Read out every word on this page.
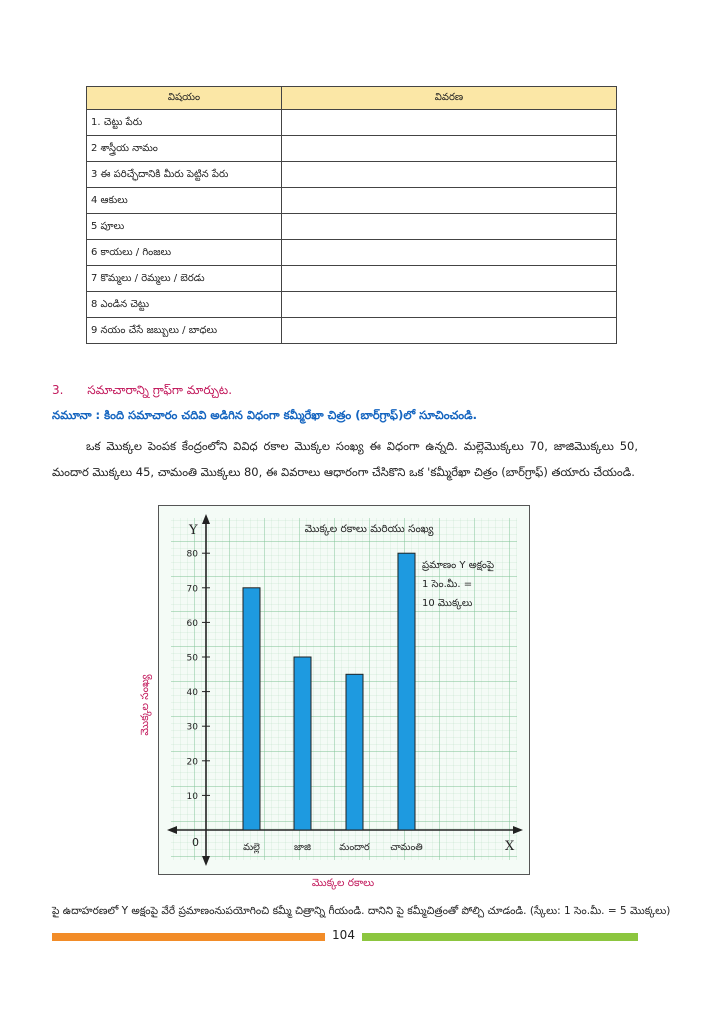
విషయం	వివరణ
1. చెట్టు పేరు	
2 శాస్త్రీయ నామం	
3 ఈ పరిచ్ఛేదానికి మీరు పెట్టిన పేరు	
4 ఆకులు	
5 పూలు	
6 కాయలు / గింజలు	
7 కొమ్మలు / రెమ్మలు / బెరడు	
8 ఎండిన చెట్టు	
9 నయం చేసే జబ్బులు / బాధలు	
3. సమాచారాన్ని గ్రాఫ్‌గా మార్చుట.
నమూనా : కింది సమాచారం చదివి అడిగిన విధంగా కమ్మీరేఖా చిత్రం (బార్‌గ్రాఫ్)లో సూచించండి.
ఒక మొక్కల పెంపక కేంద్రంలోని వివిధ రకాల మొక్కల సంఖ్య ఈ విధంగా ఉన్నది. మల్లెమొక్కలు 70, జాజిమొక్కలు 50, మందార మొక్కలు 45, చామంతి మొక్కలు 80, ఈ వివరాలు ఆధారంగా చేసికొని ఒక 'కమ్మీరేఖా చిత్రం (బార్‌గ్రాఫ్) తయారు చేయండి.
Y
X
0
మొక్కల రకాలు మరియు సంఖ్య
10
20
30
40
50
60
70
80
మల్లె	జాజి	మందార చామంతి
ప్రమాణం Y అక్షంపై
1 సెం.మీ. =
10 మొక్కలు
మొక్కల సంఖ్య
మొక్కల రకాలు
పై ఉదాహరణలో Y అక్షంపై వేరే ప్రమాణంనుపయోగించి కమ్మీ చిత్రాన్ని గీయండి. దానిని పై కమ్మీచిత్రంతో పోల్చి చూడండి. (స్కేలు: 1 సెం.మీ. = 5 మొక్కలు)
104
